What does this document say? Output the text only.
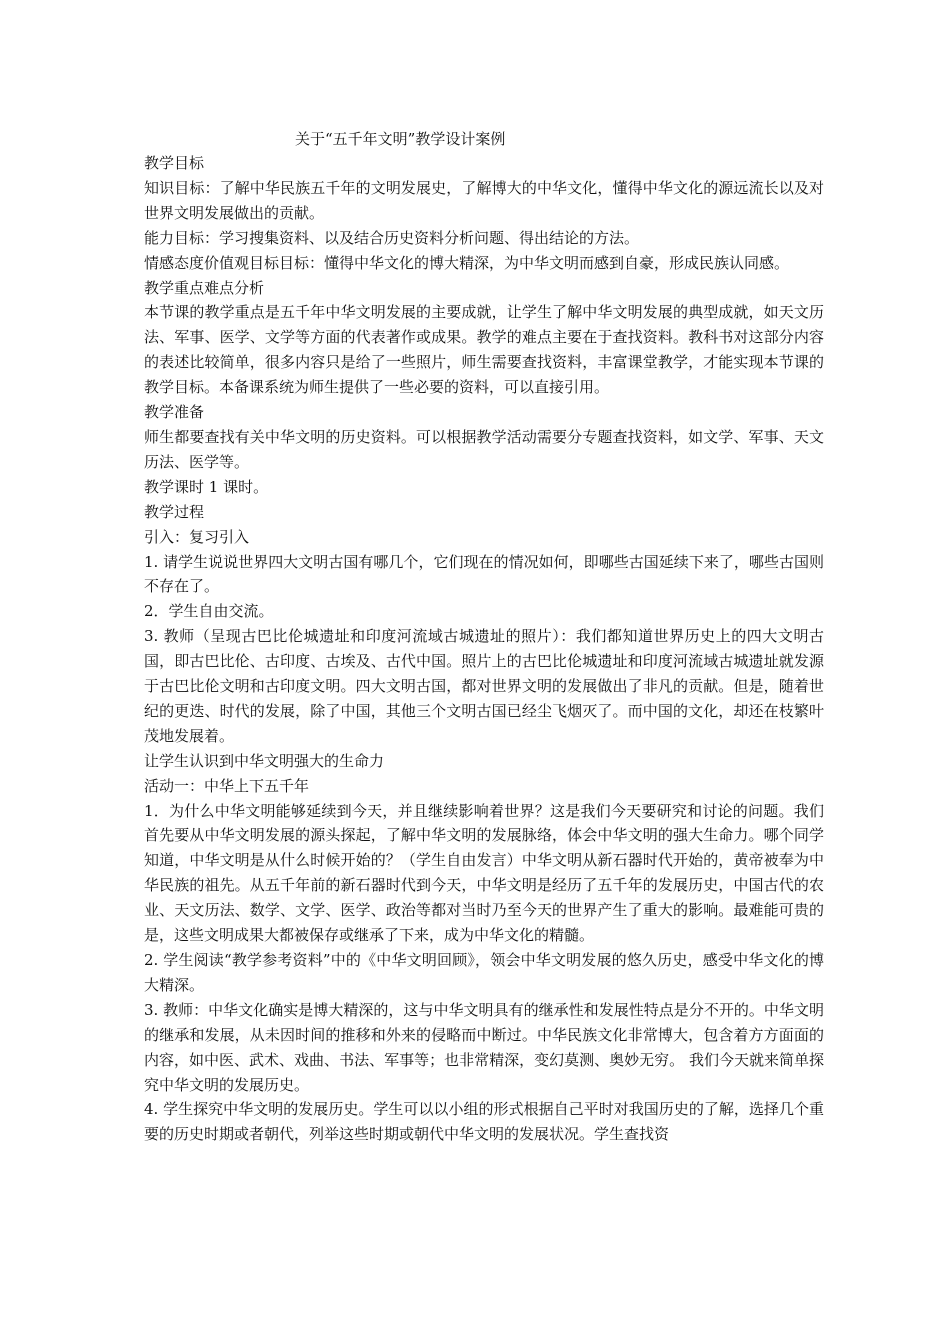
关于“五千年文明”教学设计案例

教学目标

知识目标：了解中华民族五千年的文明发展史，了解博大的中华文化，懂得中华文化的源远流长以及对世界文明发展做出的贡献。

能力目标：学习搜集资料、以及结合历史资料分析问题、得出结论的方法。

情感态度价值观目标目标：懂得中华文化的博大精深，为中华文明而感到自豪，形成民族认同感。

教学重点难点分析

本节课的教学重点是五千年中华文明发展的主要成就，让学生了解中华文明发展的典型成就，如天文历法、军事、医学、文学等方面的代表著作或成果。教学的难点主要在于查找资料。教科书对这部分内容的表述比较简单，很多内容只是给了一些照片，师生需要查找资料，丰富课堂教学，才能实现本节课的教学目标。本备课系统为师生提供了一些必要的资料，可以直接引用。

教学准备

师生都要查找有关中华文明的历史资料。可以根据教学活动需要分专题查找资料，如文学、军事、天文历法、医学等。

教学课时 1 课时。

教学过程

引入：复习引入

1. 请学生说说世界四大文明古国有哪几个，它们现在的情况如何，即哪些古国延续下来了，哪些古国则不存在了。

2．学生自由交流。

3. 教师（呈现古巴比伦城遗址和印度河流域古城遗址的照片）：我们都知道世界历史上的四大文明古国，即古巴比伦、古印度、古埃及、古代中国。照片上的古巴比伦城遗址和印度河流域古城遗址就发源于古巴比伦文明和古印度文明。四大文明古国，都对世界文明的发展做出了非凡的贡献。但是，随着世纪的更迭、时代的发展，除了中国，其他三个文明古国已经尘飞烟灭了。而中国的文化，却还在枝繁叶茂地发展着。

让学生认识到中华文明强大的生命力

活动一：中华上下五千年

1．为什么中华文明能够延续到今天，并且继续影响着世界？这是我们今天要研究和讨论的问题。我们首先要从中华文明发展的源头探起，了解中华文明的发展脉络，体会中华文明的强大生命力。哪个同学知道，中华文明是从什么时候开始的？（学生自由发言）中华文明从新石器时代开始的，黄帝被奉为中华民族的祖先。从五千年前的新石器时代到今天，中华文明是经历了五千年的发展历史，中国古代的农业、天文历法、数学、文学、医学、政治等都对当时乃至今天的世界产生了重大的影响。最难能可贵的是，这些文明成果大都被保存或继承了下来，成为中华文化的精髓。

2. 学生阅读“教学参考资料”中的《中华文明回顾》，领会中华文明发展的悠久历史，感受中华文化的博大精深。

3. 教师：中华文化确实是博大精深的，这与中华文明具有的继承性和发展性特点是分不开的。中华文明的继承和发展，从未因时间的推移和外来的侵略而中断过。中华民族文化非常博大，包含着方方面面的内容，如中医、武术、戏曲、书法、军事等；也非常精深，变幻莫测、奥妙无穷。 我们今天就来简单探究中华文明的发展历史。

4. 学生探究中华文明的发展历史。学生可以以小组的形式根据自己平时对我国历史的了解，选择几个重要的历史时期或者朝代，列举这些时期或朝代中华文明的发展状况。学生查找资
